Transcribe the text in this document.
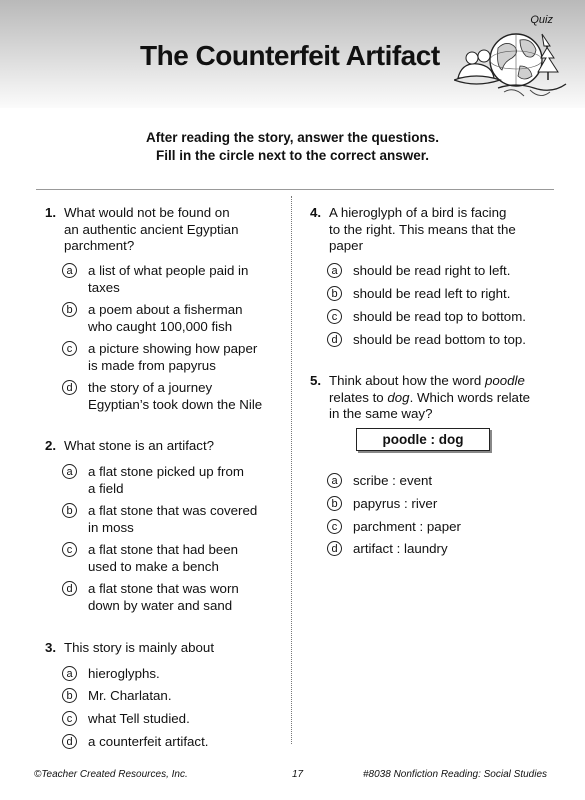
Quiz
The Counterfeit Artifact
After reading the story, answer the questions.
Fill in the circle next to the correct answer.
1. What would not be found on
an authentic ancient Egyptian
parchment?
a	a list of what people paid in
taxes
b	a poem about a fisherman
who caught 100,000 fish
c	a picture showing how paper
is made from papyrus
d	the story of a journey
Egyptian’s took down the Nile
2. What stone is an artifact?
a	a flat stone picked up from
a field
b	a flat stone that was covered
in moss
c	a flat stone that had been
used to make a bench
d	a flat stone that was worn
down by water and sand
3. This story is mainly about
a	hieroglyphs.
b	Mr. Charlatan.
c	what Tell studied.
d	a counterfeit artifact.
4. A hieroglyph of a bird is facing
to the right. This means that the
paper
a	should be read right to left.
b	should be read left to right.
c	should be read top to bottom.
d	should be read bottom to top.
5. Think about how the word poodle
relates to dog. Which words relate
in the same way?
poodle : dog
a	scribe : event
b	papyrus : river
c	parchment : paper
d	artifact : laundry
©Teacher Created Resources, Inc.	17	#8038 Nonfiction Reading: Social Studies
